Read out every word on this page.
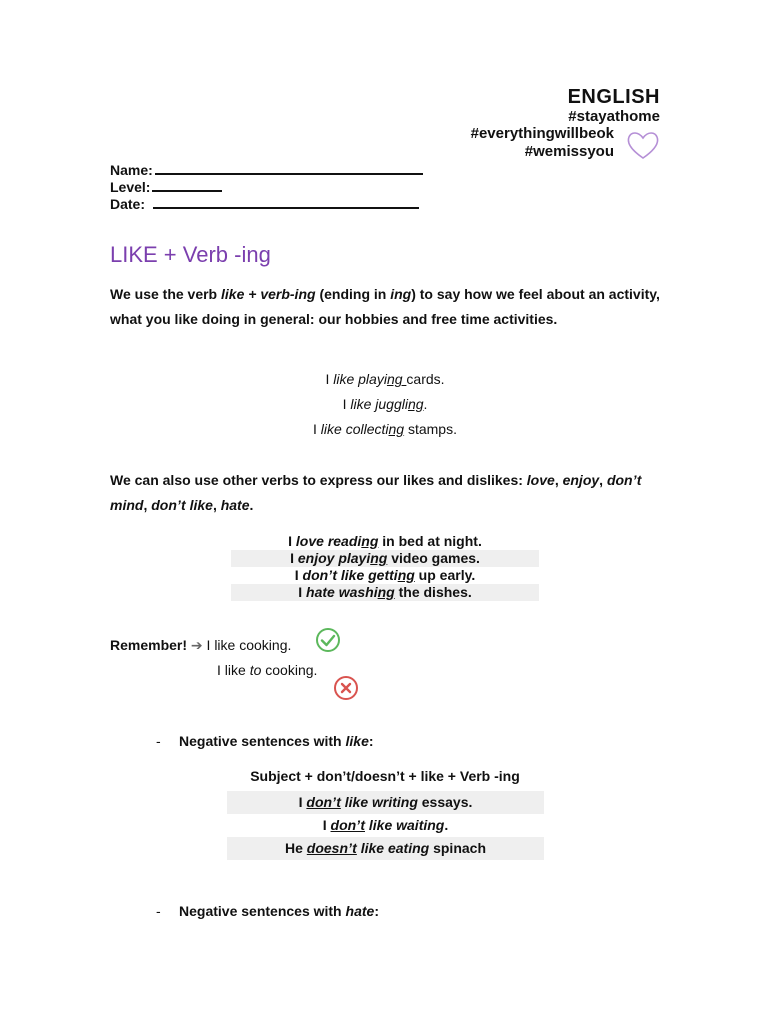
ENGLISH
#stayathome
#everythingwillbeok
#wemissyou
Name:
Level:
Date:
LIKE + Verb -ing
We use the verb like + verb-ing (ending in ing) to say how we feel about an activity, what you like doing in general: our hobbies and free time activities.
I like playing cards.
I like juggling.
I like collecting stamps.
We can also use other verbs to express our likes and dislikes: love, enjoy, don’t mind, don’t like, hate.
I love reading in bed at night.
I enjoy playing video games.
I don’t like getting up early.
I hate washing the dishes.
Remember! ➔ I like cooking.
I like to cooking.
- Negative sentences with like:
Subject + don’t/doesn’t + like + Verb -ing
I don’t like writing essays.
I don’t like waiting.
He doesn’t like eating spinach
- Negative sentences with hate:
